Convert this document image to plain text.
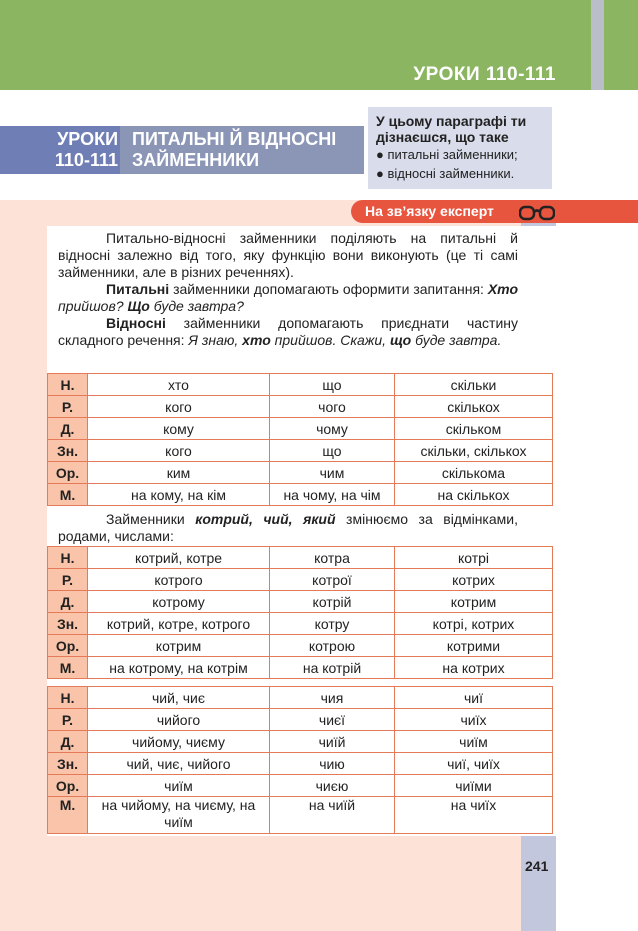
УРОКИ 110-111
УРОКИ
110-111
ПИТАЛЬНІ Й ВІДНОСНІ
ЗАЙМЕННИКИ
У цьому параграфі ти
дізнаєшся, що таке
● питальні займенники;
● відносні займенники.
На зв’язку експерт
Питально-відносні займенники поділяють на питальні й відносні залежно від того, яку функцію вони виконують (це ті самі займенники, але в різних реченнях).
Питальні займенники допомагають оформити запитання: Хто прийшов? Що буде завтра?
Відносні займенники допомагають приєднати частину складного речення: Я знаю, хто прийшов. Скажи, що буде завтра.
Н.	хто	що	скільки
Р.	кого	чого	скількох
Д.	кому	чому	скільком
Зн.	кого	що	скільки, скількох
Ор.	ким	чим	скількома
М.	на кому, на кім	на чому, на чім	на скількох
Займенники котрий, чий, який змінюємо за відмінками, родами, числами:
Н.	котрий, котре	котра	котрі
Р.	котрого	котрої	котрих
Д.	котрому	котрій	котрим
Зн.	котрий, котре, котрого	котру	котрі, котрих
Ор.	котрим	котрою	котрими
М.	на котрому, на котрім	на котрій	на котрих
Н.	чий, чиє	чия	чиї
Р.	чийого	чиєї	чиїх
Д.	чийому, чиєму	чиїй	чиїм
Зн.	чий, чиє, чийого	чию	чиї, чиїх
Ор.	чиїм	чиєю	чиїми
М.	на чийому, на чиєму, на чиїм	на чиїй	на чиїх
241
